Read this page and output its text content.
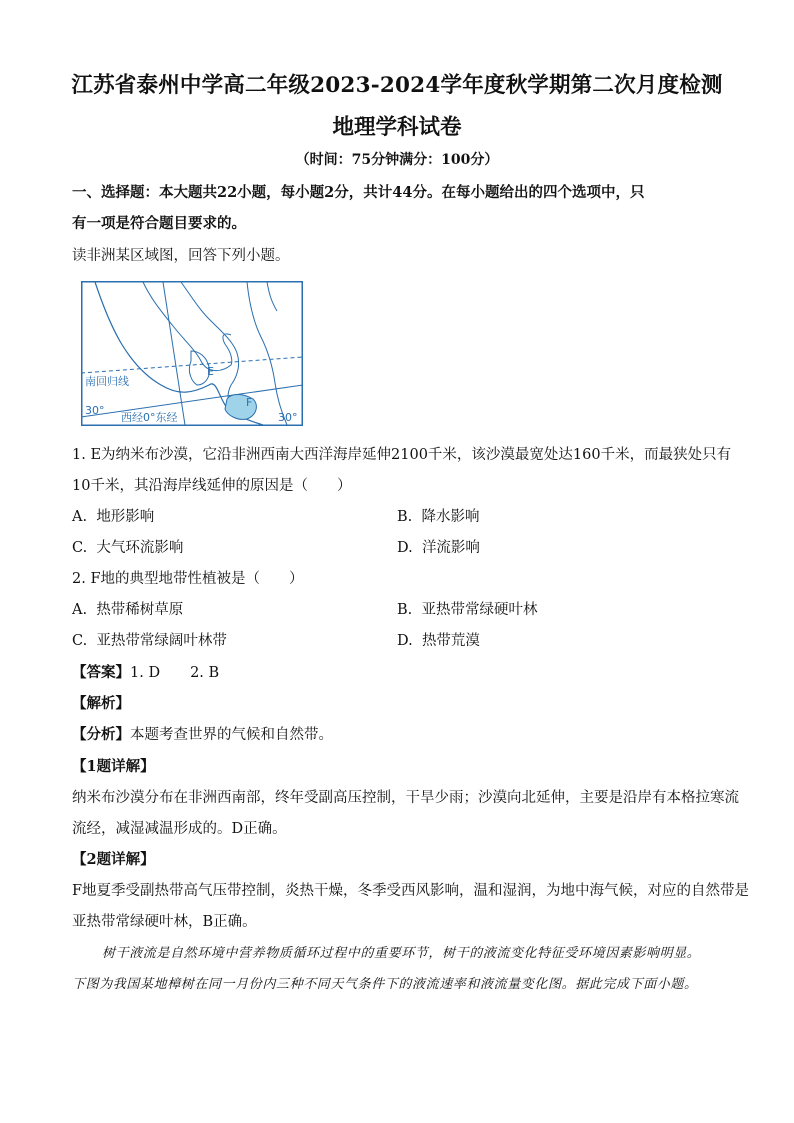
江苏省泰州中学高二年级2023-2024学年度秋学期第二次月度检测
地理学科试卷
（时间：75分钟满分：100分）
一、选择题：本大题共22小题，每小题2分，共计44分。在每小题给出的四个选项中，只
有一项是符合题目要求的。
读非洲某区域图，回答下列小题。
南回归线
30°
西经0°东经
E
F
30°
1. E为纳米布沙漠，它沿非洲西南大西洋海岸延伸2100千米，该沙漠最宽处达160千米，而最狭处只有
10千米，其沿海岸线延伸的原因是（　　）
A. 地形影响	B. 降水影响
C. 大气环流影响	D. 洋流影响
2. F地的典型地带性植被是（　　）
A. 热带稀树草原	B. 亚热带常绿硬叶林
C. 亚热带常绿阔叶林带	D. 热带荒漠
【答案】1. D 2. B
【解析】
【分析】本题考查世界的气候和自然带。
【1题详解】
纳米布沙漠分布在非洲西南部，终年受副高压控制，干旱少雨；沙漠向北延伸，主要是沿岸有本格拉寒流
流经，减湿减温形成的。D正确。
【2题详解】
F地夏季受副热带高气压带控制，炎热干燥，冬季受西风影响，温和湿润，为地中海气候，对应的自然带是
亚热带常绿硬叶林，B正确。
树干液流是自然环境中营养物质循环过程中的重要环节，树干的液流变化特征受环境因素影响明显。
下图为我国某地樟树在同一月份内三种不同天气条件下的液流速率和液流量变化图。据此完成下面小题。
